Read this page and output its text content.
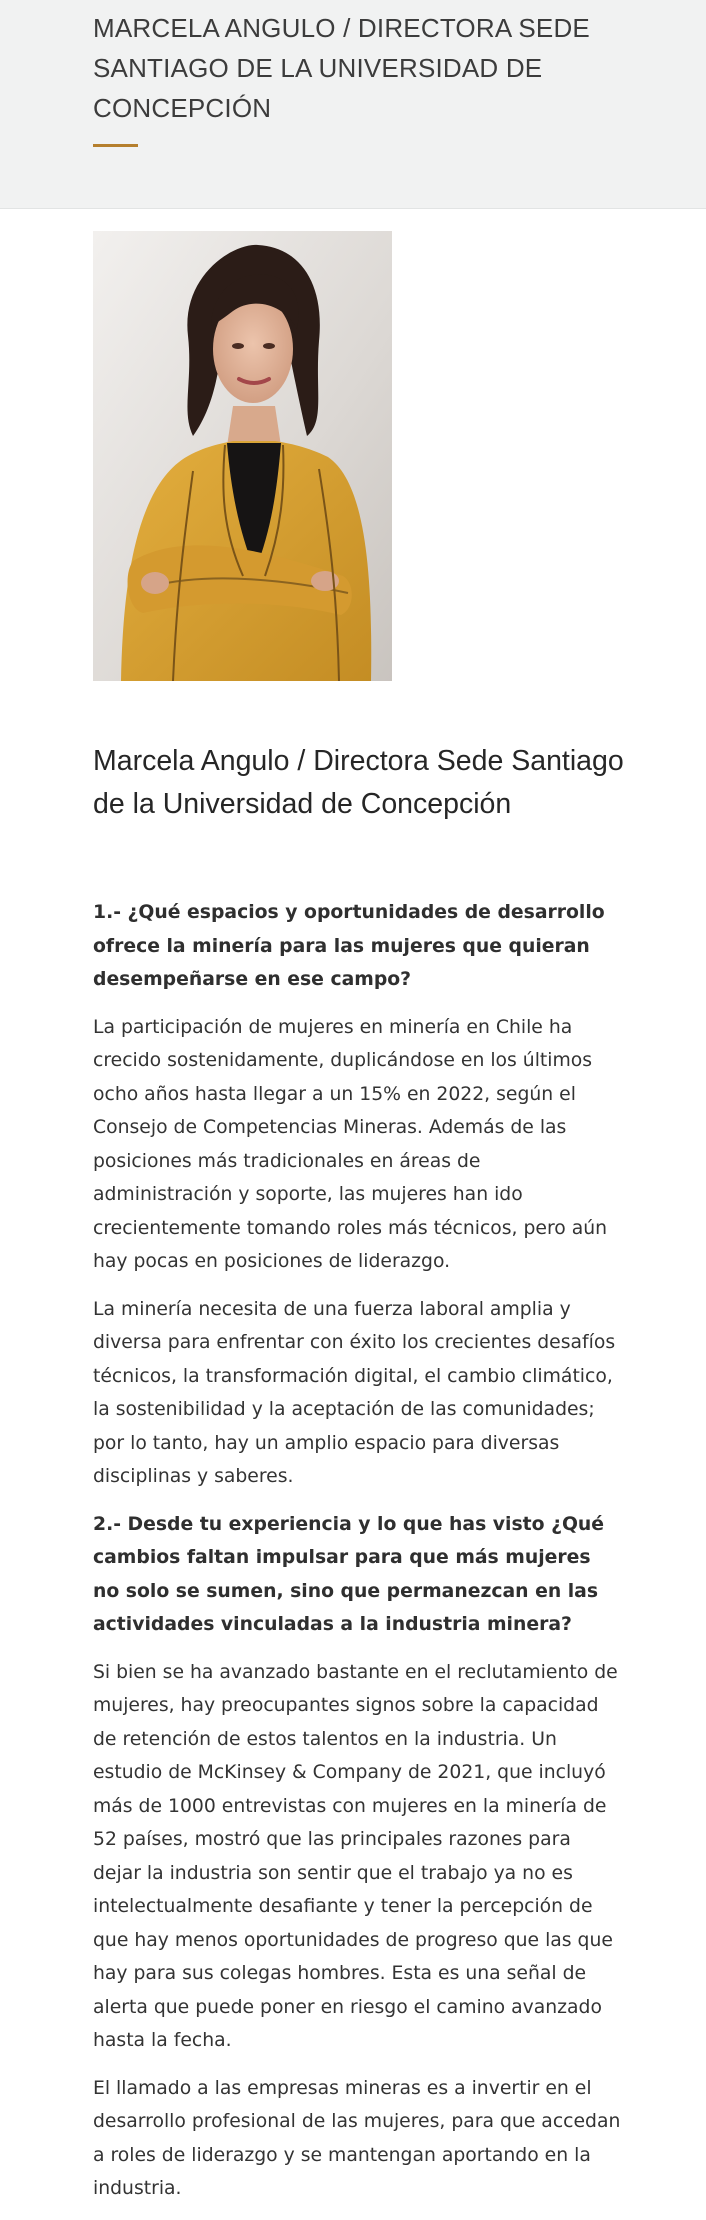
MARCELA ANGULO / DIRECTORA SEDE SANTIAGO DE LA UNIVERSIDAD DE CONCEPCIÓN
Marcela Angulo / Directora Sede Santiago de la Universidad de Concepción

1.- ¿Qué espacios y oportunidades de desarrollo ofrece la minería para las mujeres que quieran desempeñarse en ese campo?

La participación de mujeres en minería en Chile ha crecido sostenidamente, duplicándose en los últimos ocho años hasta llegar a un 15% en 2022, según el Consejo de Competencias Mineras. Además de las posiciones más tradicionales en áreas de administración y soporte, las mujeres han ido crecientemente tomando roles más técnicos, pero aún hay pocas en posiciones de liderazgo.

La minería necesita de una fuerza laboral amplia y diversa para enfrentar con éxito los crecientes desafíos técnicos, la transformación digital, el cambio climático, la sostenibilidad y la aceptación de las comunidades; por lo tanto, hay un amplio espacio para diversas disciplinas y saberes.

2.- Desde tu experiencia y lo que has visto ¿Qué cambios faltan impulsar para que más mujeres no solo se sumen, sino que permanezcan en las actividades vinculadas a la industria minera?

Si bien se ha avanzado bastante en el reclutamiento de mujeres, hay preocupantes signos sobre la capacidad de retención de estos talentos en la industria. Un estudio de McKinsey & Company de 2021, que incluyó más de 1000 entrevistas con mujeres en la minería de 52 países, mostró que las principales razones para dejar la industria son sentir que el trabajo ya no es intelectualmente desafiante y tener la percepción de que hay menos oportunidades de progreso que las que hay para sus colegas hombres. Esta es una señal de alerta que puede poner en riesgo el camino avanzado hasta la fecha.

El llamado a las empresas mineras es a invertir en el desarrollo profesional de las mujeres, para que accedan a roles de liderazgo y se mantengan aportando en la industria.
